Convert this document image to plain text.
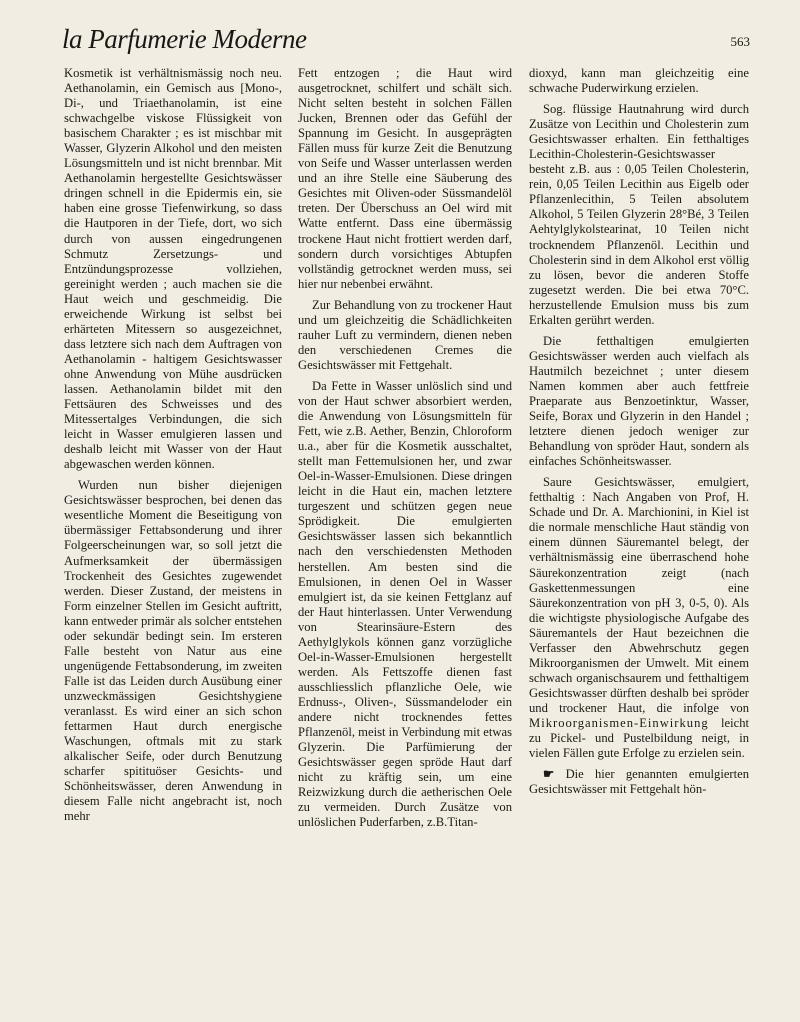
la Parfumerie Moderne	563

Kosmetik ist verhältnismässig noch neu. Aethanolamin, ein Gemisch aus [Mono-, Di-, und Triaethanolamin, ist eine schwachgelbe viskose Flüssigkeit von basischem Charakter ; es ist mischbar mit Wasser, Glyzerin Alkohol und den meisten Lösungsmitteln und ist nicht brennbar. Mit Aethanolamin hergestellte Gesichtswässer dringen schnell in die Epidermis ein, sie haben eine grosse Tiefenwirkung, so dass die Hautporen in der Tiefe, dort, wo sich durch von aussen eingedrungenen Schmutz Zersetzungs- und Entzündungsprozesse vollziehen, gereinight werden ; auch machen sie die Haut weich und geschmeidig. Die erweichende Wirkung ist selbst bei erhärteten Mitessern so ausgezeichnet, dass letztere sich nach dem Auftragen von Aethanolamin - haltigem Gesichtswasser ohne Anwendung von Mühe ausdrücken lassen. Aethanolamin bildet mit den Fettsäuren des Schweisses und des Mitessertalges Verbindungen, die sich leicht in Wasser emulgieren lassen und deshalb leicht mit Wasser von der Haut abgewaschen werden können.

Wurden nun bisher diejenigen Gesichtswässer besprochen, bei denen das wesentliche Moment die Beseitigung von übermässiger Fettabsonderung und ihrer Folgeerscheinungen war, so soll jetzt die Aufmerksamkeit der übermässigen Trockenheit des Gesichtes zugewendet werden. Dieser Zustand, der meistens in Form einzelner Stellen im Gesicht auftritt, kann entweder primär als solcher entstehen oder sekundär bedingt sein. Im ersteren Falle besteht von Natur aus eine ungenügende Fettabsonderung, im zweiten Falle ist das Leiden durch Ausübung einer unzweckmässigen Gesichtshygiene veranlasst. Es wird einer an sich schon fettarmen Haut durch energische Waschungen, oftmals mit zu stark alkalischer Seife, oder durch Benutzung scharfer spitituöser Gesichts- und Schönheitswässer, deren Anwendung in diesem Falle nicht angebracht ist, noch mehr

Fett entzogen ; die Haut wird ausgetrocknet, schilfert und schält sich. Nicht selten besteht in solchen Fällen Jucken, Brennen oder das Gefühl der Spannung im Gesicht. In ausgeprägten Fällen muss für kurze Zeit die Benutzung von Seife und Wasser unterlassen werden und an ihre Stelle eine Säuberung des Gesichtes mit Oliven-oder Süssmandelöl treten. Der Überschuss an Oel wird mit Watte entfernt. Dass eine übermässig trockene Haut nicht frottiert werden darf, sondern durch vorsichtiges Abtupfen vollständig getrocknet werden muss, sei hier nur nebenbei erwähnt.

Zur Behandlung von zu trockener Haut und um gleichzeitig die Schädlichkeiten rauher Luft zu vermindern, dienen neben den verschiedenen Cremes die Gesichtswässer mit Fettgehalt.

Da Fette in Wasser unlöslich sind und von der Haut schwer absorbiert werden, die Anwendung von Lösungsmitteln für Fett, wie z.B. Aether, Benzin, Chloroform u.a., aber für die Kosmetik ausschaltet, stellt man Fettemulsionen her, und zwar Oel-in-Wasser-Emulsionen. Diese dringen leicht in die Haut ein, machen letztere turgeszent und schützen gegen neue Sprödigkeit. Die emulgierten Gesichtswässer lassen sich bekanntlich nach den verschiedensten Methoden herstellen. Am besten sind die Emulsionen, in denen Oel in Wasser emulgiert ist, da sie keinen Fettglanz auf der Haut hinterlassen. Unter Verwendung von Stearinsäure-Estern des Aethylglykols können ganz vorzügliche Oel-in-Wasser-Emulsionen hergestellt werden. Als Fettszoffe dienen fast ausschliesslich pflanzliche Oele, wie Erdnuss-, Oliven-, Süssmandeloder ein andere nicht trocknendes fettes Pflanzenöl, meist in Verbindung mit etwas Glyzerin. Die Parfümierung der Gesichtswässer gegen spröde Haut darf nicht zu kräftig sein, um eine Reizwizkung durch die aetherischen Oele zu vermeiden. Durch Zusätze von unlöslichen Puderfarben, z.B.Titan-

dioxyd, kann man gleichzeitig eine schwache Puderwirkung erzielen.

Sog. flüssige Hautnahrung wird durch Zusätze von Lecithin und Cholesterin zum Gesichtswasser erhalten. Ein fetthaltiges Lecithin-Cholesterin-Gesichtswasser besteht z.B. aus : 0,05 Teilen Cholesterin, rein, 0,05 Teilen Lecithin aus Eigelb oder Pflanzenlecithin, 5 Teilen absolutem Alkohol, 5 Teilen Glyzerin 28°Bé, 3 Teilen Aehtylglykolstearinat, 10 Teilen nicht trocknendem Pflanzenöl. Lecithin und Cholesterin sind in dem Alkohol erst völlig zu lösen, bevor die anderen Stoffe zugesetzt werden. Die bei etwa 70°C. herzustellende Emulsion muss bis zum Erkalten gerührt werden.

Die fetthaltigen emulgierten Gesichtswässer werden auch vielfach als Hautmilch bezeichnet ; unter diesem Namen kommen aber auch fettfreie Praeparate aus Benzoetinktur, Wasser, Seife, Borax und Glyzerin in den Handel ; letztere dienen jedoch weniger zur Behandlung von spröder Haut, sondern als einfaches Schönheitswasser.

Saure Gesichtswässer, emulgiert, fetthaltig : Nach Angaben von Prof, H. Schade und Dr. A. Marchionini, in Kiel ist die normale menschliche Haut ständig von einem dünnen Säuremantel belegt, der verhältnismässig eine überraschend hohe Säurekonzentration zeigt (nach Gaskettenmessungen eine Säurekonzentration von pH 3, 0-5, 0). Als die wichtigste physiologische Aufgabe des Säuremantels der Haut bezeichnen die Verfasser den Abwehrschutz gegen Mikroorganismen der Umwelt. Mit einem schwach organischsaurem und fetthaltigem Gesichtswasser dürften deshalb bei spröder und trockener Haut, die infolge von Mikroorganismen-Einwirkung leicht zu Pickel- und Pustelbildung neigt, in vielen Fällen gute Erfolge zu erzielen sein.

☛ Die hier genannten emulgierten Gesichtswässer mit Fettgehalt hön-
